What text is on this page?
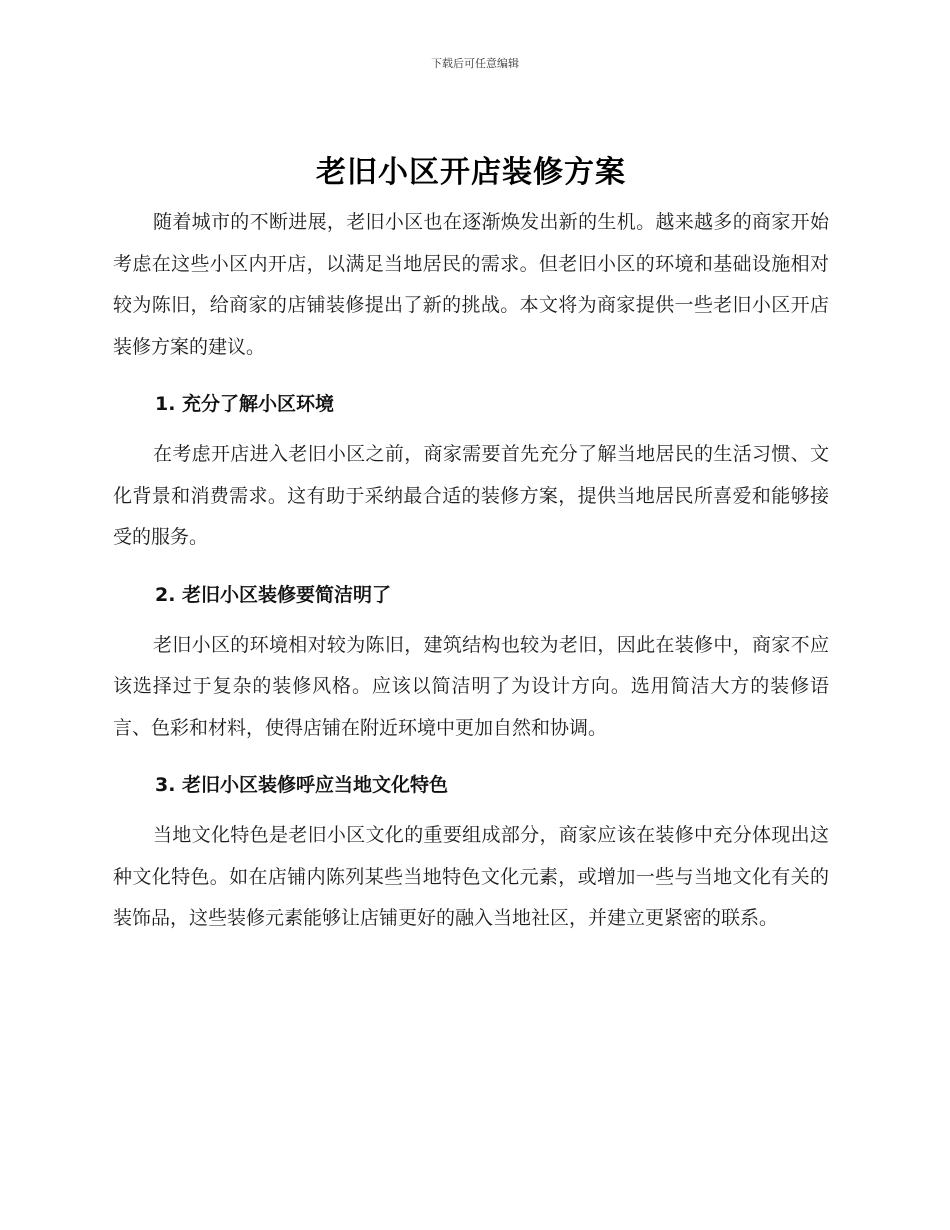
下载后可任意编辑
老旧小区开店装修方案

随着城市的不断进展，老旧小区也在逐渐焕发出新的生机。越来越多的商家开始考虑在这些小区内开店，以满足当地居民的需求。但老旧小区的环境和基础设施相对较为陈旧，给商家的店铺装修提出了新的挑战。本文将为商家提供一些老旧小区开店装修方案的建议。

1. 充分了解小区环境

在考虑开店进入老旧小区之前，商家需要首先充分了解当地居民的生活习惯、文化背景和消费需求。这有助于采纳最合适的装修方案，提供当地居民所喜爱和能够接受的服务。

2. 老旧小区装修要简洁明了

老旧小区的环境相对较为陈旧，建筑结构也较为老旧，因此在装修中，商家不应该选择过于复杂的装修风格。应该以简洁明了为设计方向。选用简洁大方的装修语言、色彩和材料，使得店铺在附近环境中更加自然和协调。

3. 老旧小区装修呼应当地文化特色

当地文化特色是老旧小区文化的重要组成部分，商家应该在装修中充分体现出这种文化特色。如在店铺内陈列某些当地特色文化元素，或增加一些与当地文化有关的装饰品，这些装修元素能够让店铺更好的融入当地社区，并建立更紧密的联系。
